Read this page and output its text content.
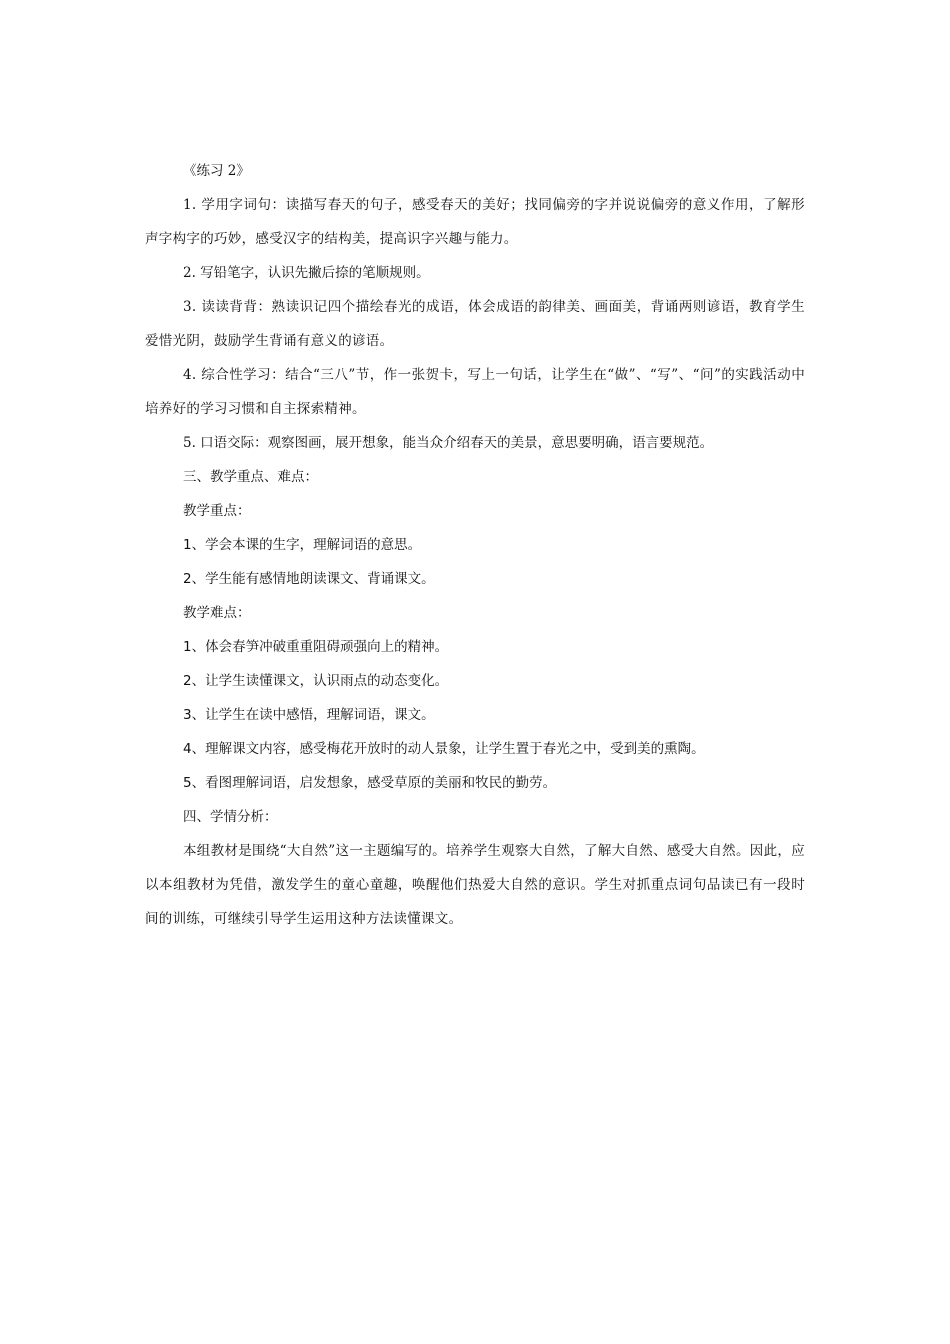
《练习 2》

1. 学用字词句：读描写春天的句子，感受春天的美好；找同偏旁的字并说说偏旁的意义作用，了解形声字构字的巧妙，感受汉字的结构美，提高识字兴趣与能力。

2. 写铅笔字，认识先撇后捺的笔顺规则。

3. 读读背背：熟读识记四个描绘春光的成语，体会成语的韵律美、画面美，背诵两则谚语，教育学生爱惜光阴，鼓励学生背诵有意义的谚语。

4. 综合性学习：结合“三八”节，作一张贺卡，写上一句话，让学生在“做”、“写”、“问”的实践活动中培养好的学习习惯和自主探索精神。

5. 口语交际：观察图画，展开想象，能当众介绍春天的美景，意思要明确，语言要规范。

三、教学重点、难点：

教学重点：

1、学会本课的生字，理解词语的意思。

2、学生能有感情地朗读课文、背诵课文。

教学难点：

1、体会春笋冲破重重阻碍顽强向上的精神。

2、让学生读懂课文，认识雨点的动态变化。

3、让学生在读中感悟，理解词语，课文。

4、理解课文内容，感受梅花开放时的动人景象，让学生置于春光之中，受到美的熏陶。

5、看图理解词语，启发想象，感受草原的美丽和牧民的勤劳。

四、学情分析：

本组教材是围绕“大自然”这一主题编写的。培养学生观察大自然，了解大自然、感受大自然。因此，应以本组教材为凭借，激发学生的童心童趣，唤醒他们热爱大自然的意识。学生对抓重点词句品读已有一段时间的训练，可继续引导学生运用这种方法读懂课文。
